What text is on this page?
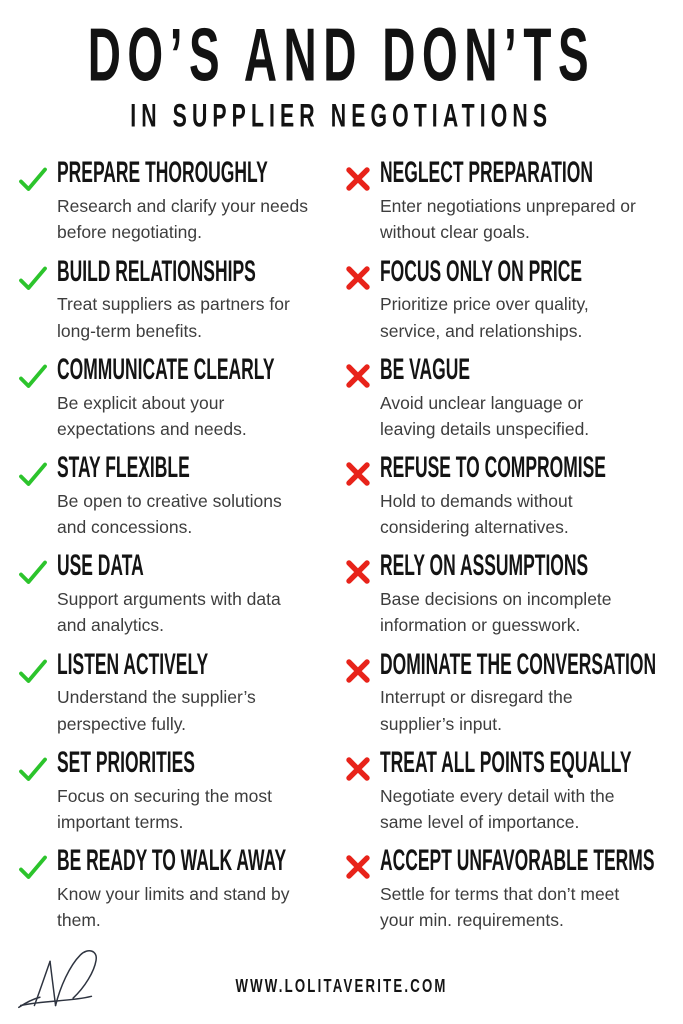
DO’S AND DON’TS
IN SUPPLIER NEGOTIATIONS
PREPARE THOROUGHLY
Research and clarify your needs before negotiating.
BUILD RELATIONSHIPS
Treat suppliers as partners for long-term benefits.
COMMUNICATE CLEARLY
Be explicit about your expectations and needs.
STAY FLEXIBLE
Be open to creative solutions and concessions.
USE DATA
Support arguments with data and analytics.
LISTEN ACTIVELY
Understand the supplier’s perspective fully.
SET PRIORITIES
Focus on securing the most important terms.
BE READY TO WALK AWAY
Know your limits and stand by them.
NEGLECT PREPARATION
Enter negotiations unprepared or without clear goals.
FOCUS ONLY ON PRICE
Prioritize price over quality, service, and relationships.
BE VAGUE
Avoid unclear language or leaving details unspecified.
REFUSE TO COMPROMISE
Hold to demands without considering alternatives.
RELY ON ASSUMPTIONS
Base decisions on incomplete information or guesswork.
DOMINATE THE CONVERSATION
Interrupt or disregard the supplier’s input.
TREAT ALL POINTS EQUALLY
Negotiate every detail with the same level of importance.
ACCEPT UNFAVORABLE TERMS
Settle for terms that don’t meet your min. requirements.
WWW.LOLITAVERITE.COM
